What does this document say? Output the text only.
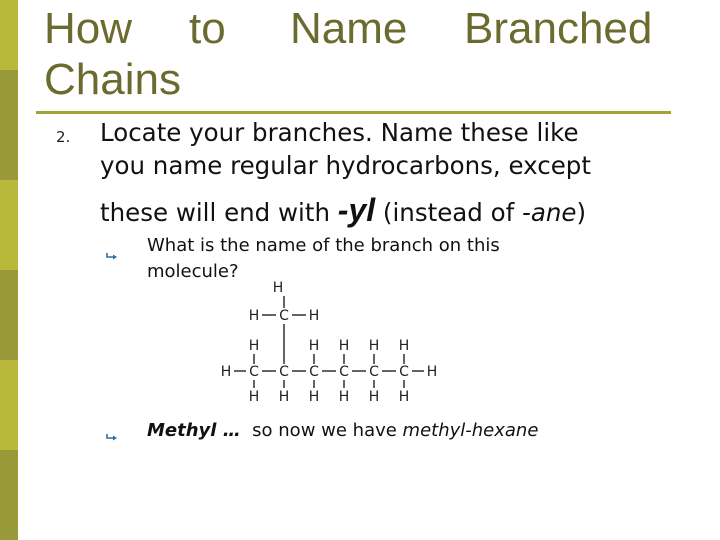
How to Name Branched
Chains
2. Locate your branches. Name these like
you name regular hydrocarbons, except
these will end with -yl (instead of -ane)
What is the name of the branch on this
molecule?
H
H C H
H	H H H H
H C C C C C C H
H H H H H H
Methyl …  so now we have methyl-hexane
